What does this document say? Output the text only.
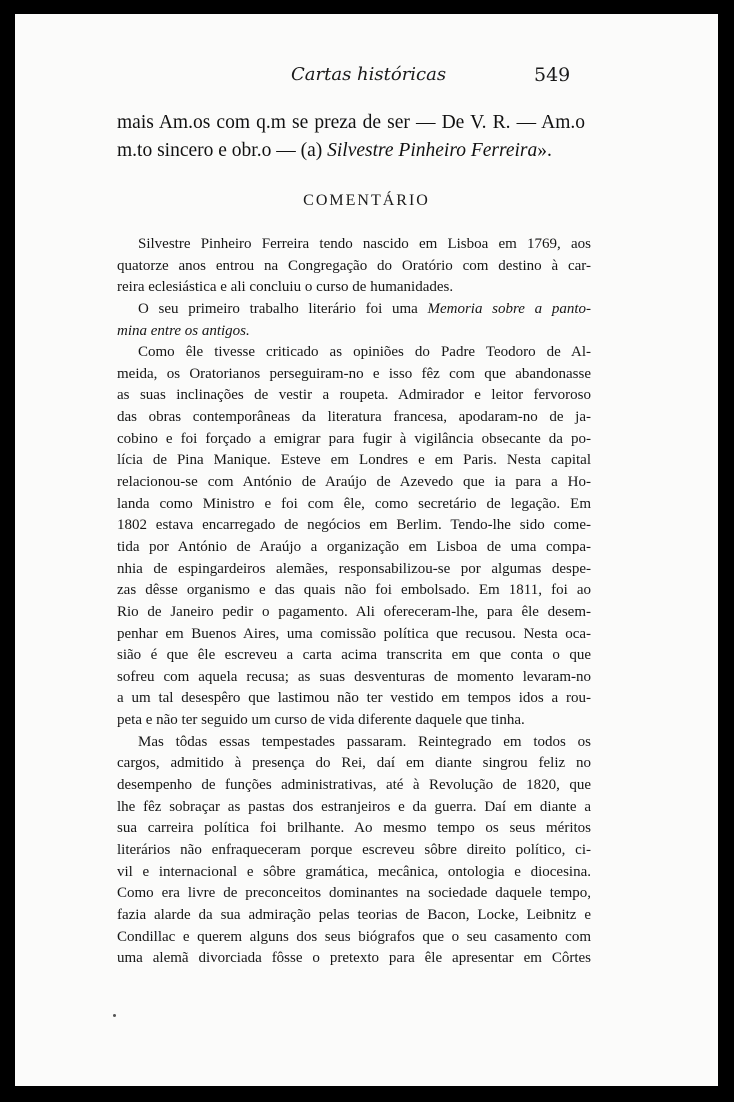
Cartas históricas	549
mais Am.os com q.m se preza de ser — De V. R. — Am.o
m.to sincero e obr.o — (a) Silvestre Pinheiro Ferreira».
COMENTÁRIO
Silvestre Pinheiro Ferreira tendo nascido em Lisboa em 1769, aos
quatorze anos entrou na Congregação do Oratório com destino à car-
reira eclesiástica e ali concluiu o curso de humanidades.
O seu primeiro trabalho literário foi uma Memoria sobre a panto-
mina entre os antigos.
Como êle tivesse criticado as opiniões do Padre Teodoro de Al-
meida, os Oratorianos perseguiram-no e isso fêz com que abandonasse
as suas inclinações de vestir a roupeta. Admirador e leitor fervoroso
das obras contemporâneas da literatura francesa, apodaram-no de ja-
cobino e foi forçado a emigrar para fugir à vigilância obsecante da po-
lícia de Pina Manique. Esteve em Londres e em Paris. Nesta capital
relacionou-se com António de Araújo de Azevedo que ia para a Ho-
landa como Ministro e foi com êle, como secretário de legação. Em
1802 estava encarregado de negócios em Berlim. Tendo-lhe sido come-
tida por António de Araújo a organização em Lisboa de uma compa-
nhia de espingardeiros alemães, responsabilizou-se por algumas despe-
zas dêsse organismo e das quais não foi embolsado. Em 1811, foi ao
Rio de Janeiro pedir o pagamento. Ali ofereceram-lhe, para êle desem-
penhar em Buenos Aires, uma comissão política que recusou. Nesta oca-
sião é que êle escreveu a carta acima transcrita em que conta o que
sofreu com aquela recusa; as suas desventuras de momento levaram-no
a um tal desespêro que lastimou não ter vestido em tempos idos a rou-
peta e não ter seguido um curso de vida diferente daquele que tinha.
Mas tôdas essas tempestades passaram. Reintegrado em todos os
cargos, admitido à presença do Rei, daí em diante singrou feliz no
desempenho de funções administrativas, até à Revolução de 1820, que
lhe fêz sobraçar as pastas dos estranjeiros e da guerra. Daí em diante a
sua carreira política foi brilhante. Ao mesmo tempo os seus méritos
literários não enfraqueceram porque escreveu sôbre direito político, ci-
vil e internacional e sôbre gramática, mecânica, ontologia e diocesina.
Como era livre de preconceitos dominantes na sociedade daquele tempo,
fazia alarde da sua admiração pelas teorias de Bacon, Locke, Leibnitz e
Condillac e querem alguns dos seus biógrafos que o seu casamento com
uma alemã divorciada fôsse o pretexto para êle apresentar em Côrtes
